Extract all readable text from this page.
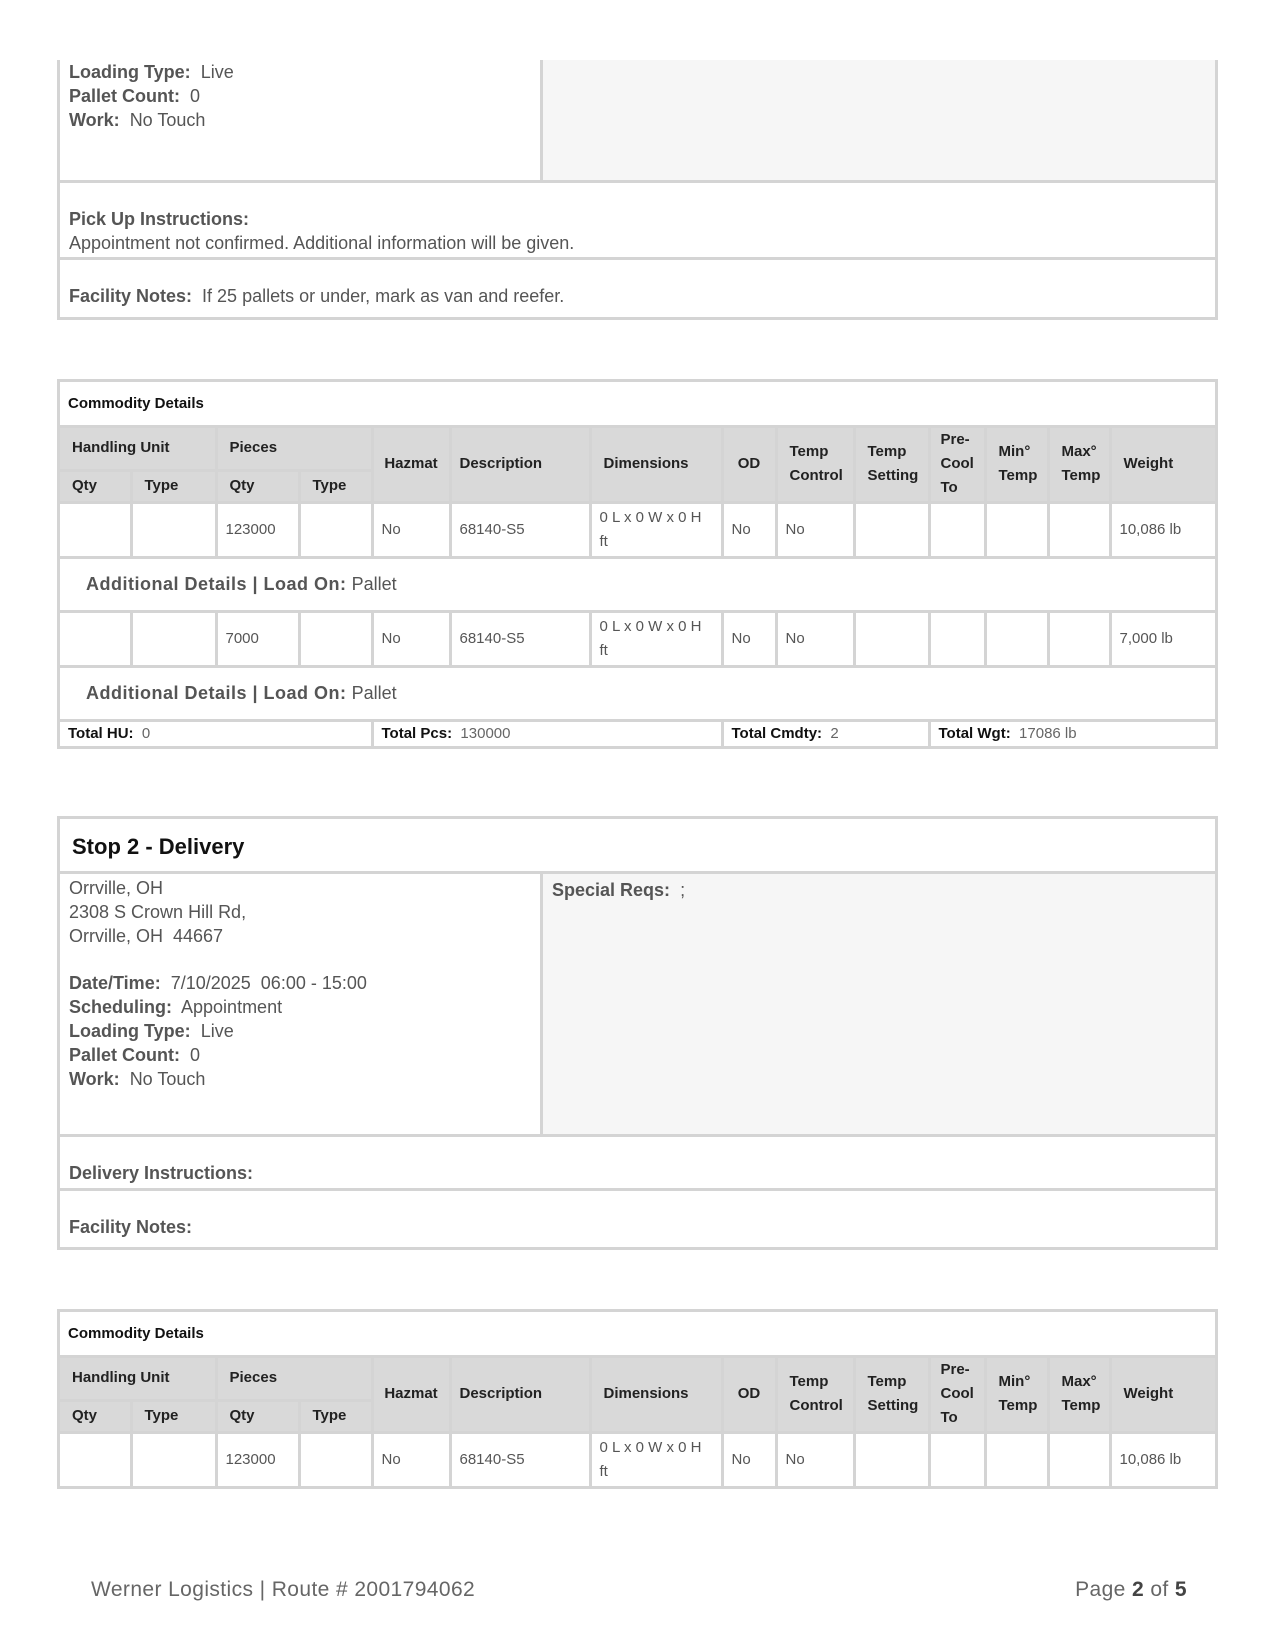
Loading Type: Live
Pallet Count: 0
Work: No Touch
Pick Up Instructions:
Appointment not confirmed. Additional information will be given.
Facility Notes: If 25 pallets or under, mark as van and reefer.
Commodity Details													
Handling Unit		Pieces		Hazmat	Description	Dimensions	OD	Temp Control	Temp Setting	Pre-Cool To	Min° Temp	Max° Temp	Weight
Qty	Type	Qty	Type										
		123000		No	68140-S5	0 L x 0 W x 0 H ft	No	No					10,086 lb
Additional Details | Load On: Pallet													
		7000		No	68140-S5	0 L x 0 W x 0 H ft	No	No					7,000 lb
Additional Details | Load On: Pallet													
Total HU: 0				Total Pcs: 130000			Total Cmdty: 2			Total Wgt: 17086 lb			
Stop 2 - Delivery
Orrville, OH
2308 S Crown Hill Rd,
Orrville, OH  44667
Date/Time: 7/10/2025  06:00 - 15:00
Scheduling: Appointment
Loading Type: Live
Pallet Count: 0
Work: No Touch
Special Reqs: ;
Delivery Instructions:
Facility Notes:
Commodity Details													
Handling Unit		Pieces		Hazmat	Description	Dimensions	OD	Temp Control	Temp Setting	Pre-Cool To	Min° Temp	Max° Temp	Weight
Qty	Type	Qty	Type										
		123000		No	68140-S5	0 L x 0 W x 0 H ft	No	No					10,086 lb
Werner Logistics | Route # 2001794062	Page 2 of 5
